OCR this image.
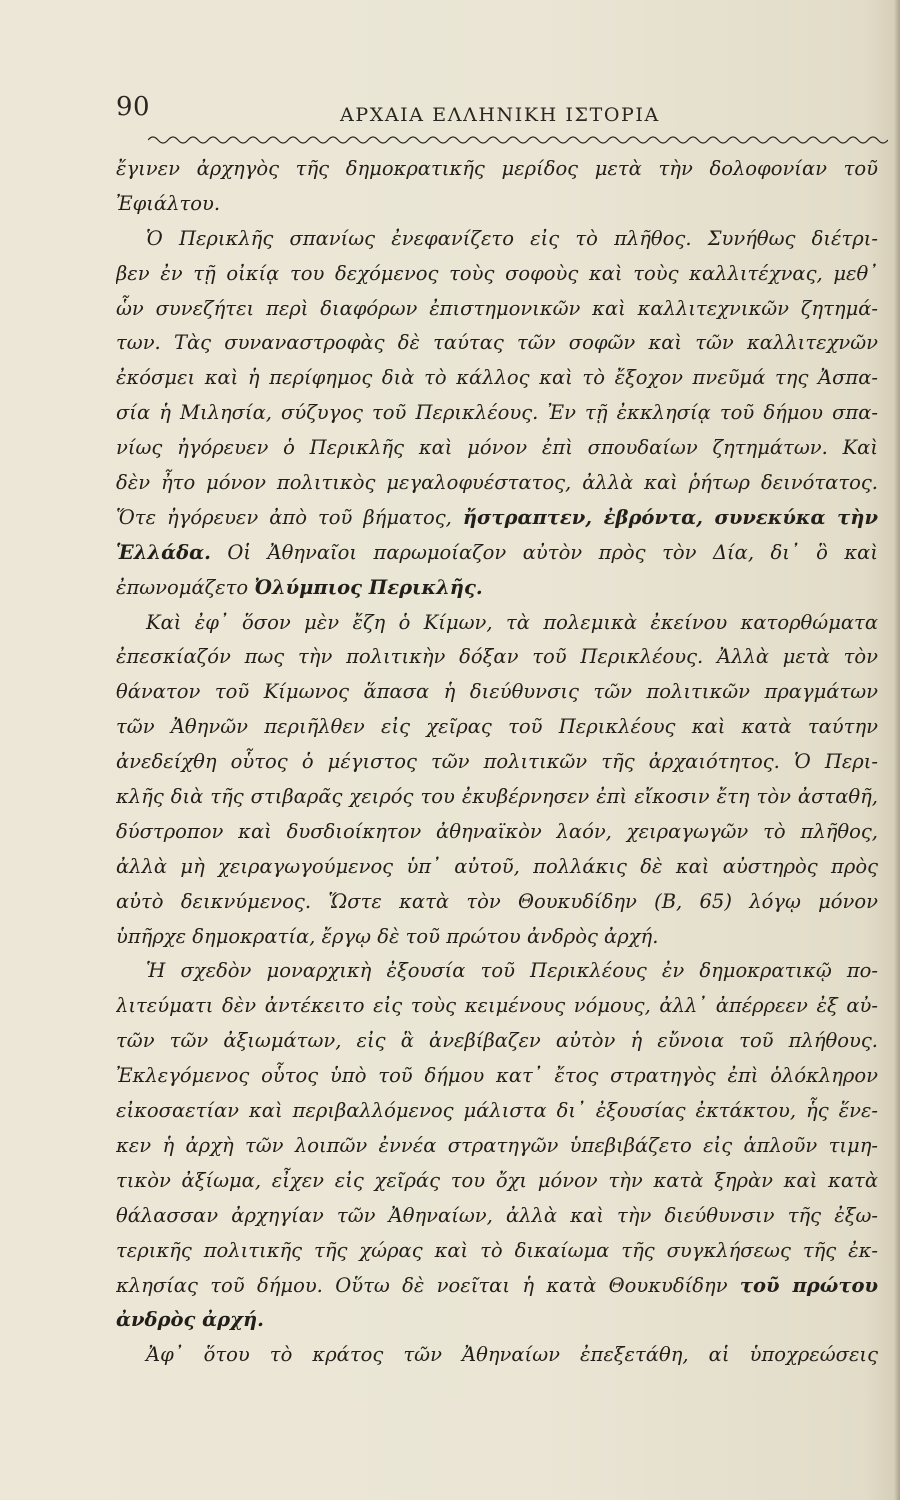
90	ΑΡΧΑΙΑ ΕΛΛΗΝΙΚΗ ΙΣΤΟΡΙΑ
ἔγινεν ἀρχηγὸς τῆς δημοκρατικῆς μερίδος μετὰ τὴν δολοφονίαν τοῦ
Ἐφιάλτου.
Ὁ Περικλῆς σπανίως ἐνεφανίζετο εἰς τὸ πλῆθος. Συνήθως διέτρι-
βεν ἐν τῇ οἰκίᾳ του δεχόμενος τοὺς σοφοὺς καὶ τοὺς καλλιτέχνας, μεθ᾽
ὧν συνεζήτει περὶ διαφόρων ἐπιστημονικῶν καὶ καλλιτεχνικῶν ζητημά-
των. Τὰς συναναστροφὰς δὲ ταύτας τῶν σοφῶν καὶ τῶν καλλιτεχνῶν
ἐκόσμει καὶ ἡ περίφημος διὰ τὸ κάλλος καὶ τὸ ἔξοχον πνεῦμά της Ἀσπα-
σία ἡ Μιλησία, σύζυγος τοῦ Περικλέους. Ἐν τῇ ἐκκλησίᾳ τοῦ δήμου σπα-
νίως ἠγόρευεν ὁ Περικλῆς καὶ μόνον ἐπὶ σπουδαίων ζητημάτων. Καὶ
δὲν ἦτο μόνον πολιτικὸς μεγαλοφυέστατος, ἀλλὰ καὶ ῥήτωρ δεινότατος.
Ὅτε ἠγόρευεν ἀπὸ τοῦ βήματος, ἤστραπτεν, ἐβρόντα, συνεκύκα τὴν
Ἑλλάδα. Οἱ Ἀθηναῖοι παρωμοίαζον αὐτὸν πρὸς τὸν Δία, δι᾽ ὃ καὶ
ἐπωνομάζετο Ὀλύμπιος Περικλῆς.
Καὶ ἐφ᾽ ὅσον μὲν ἔζη ὁ Κίμων, τὰ πολεμικὰ ἐκείνου κατορθώματα
ἐπεσκίαζόν πως τὴν πολιτικὴν δόξαν τοῦ Περικλέους. Ἀλλὰ μετὰ τὸν
θάνατον τοῦ Κίμωνος ἅπασα ἡ διεύθυνσις τῶν πολιτικῶν πραγμάτων
τῶν Ἀθηνῶν περιῆλθεν εἰς χεῖρας τοῦ Περικλέους καὶ κατὰ ταύτην
ἀνεδείχθη οὗτος ὁ μέγιστος τῶν πολιτικῶν τῆς ἀρχαιότητος. Ὁ Περι-
κλῆς διὰ τῆς στιβαρᾶς χειρός του ἐκυβέρνησεν ἐπὶ εἴκοσιν ἔτη τὸν ἀσταθῆ,
δύστροπον καὶ δυσδιοίκητον ἀθηναϊκὸν λαόν, χειραγωγῶν τὸ πλῆθος,
ἀλλὰ μὴ χειραγωγούμενος ὑπ᾽ αὐτοῦ, πολλάκις δὲ καὶ αὐστηρὸς πρὸς
αὐτὸ δεικνύμενος. Ὥστε κατὰ τὸν Θουκυδίδην (Β, 65) λόγῳ μόνον
ὑπῆρχε δημοκρατία, ἔργῳ δὲ τοῦ πρώτου ἀνδρὸς ἀρχή.
Ἡ σχεδὸν μοναρχικὴ ἐξουσία τοῦ Περικλέους ἐν δημοκρατικῷ πο-
λιτεύματι δὲν ἀντέκειτο εἰς τοὺς κειμένους νόμους, ἀλλ᾽ ἀπέρρεεν ἐξ αὐ-
τῶν τῶν ἀξιωμάτων, εἰς ἃ ἀνεβίβαζεν αὐτὸν ἡ εὔνοια τοῦ πλήθους.
Ἐκλεγόμενος οὗτος ὑπὸ τοῦ δήμου κατ᾽ ἔτος στρατηγὸς ἐπὶ ὁλόκληρον
εἰκοσαετίαν καὶ περιβαλλόμενος μάλιστα δι᾽ ἐξουσίας ἐκτάκτου, ἧς ἕνε-
κεν ἡ ἀρχὴ τῶν λοιπῶν ἐννέα στρατηγῶν ὑπεβιβάζετο εἰς ἁπλοῦν τιμη-
τικὸν ἀξίωμα, εἶχεν εἰς χεῖράς του ὄχι μόνον τὴν κατὰ ξηρὰν καὶ κατὰ
θάλασσαν ἀρχηγίαν τῶν Ἀθηναίων, ἀλλὰ καὶ τὴν διεύθυνσιν τῆς ἐξω-
τερικῆς πολιτικῆς τῆς χώρας καὶ τὸ δικαίωμα τῆς συγκλήσεως τῆς ἐκ-
κλησίας τοῦ δήμου. Οὕτω δὲ νοεῖται ἡ κατὰ Θουκυδίδην τοῦ πρώτου
ἀνδρὸς ἀρχή.
Ἀφ᾽ ὅτου τὸ κράτος τῶν Ἀθηναίων ἐπεξετάθη, αἱ ὑποχρεώσεις
